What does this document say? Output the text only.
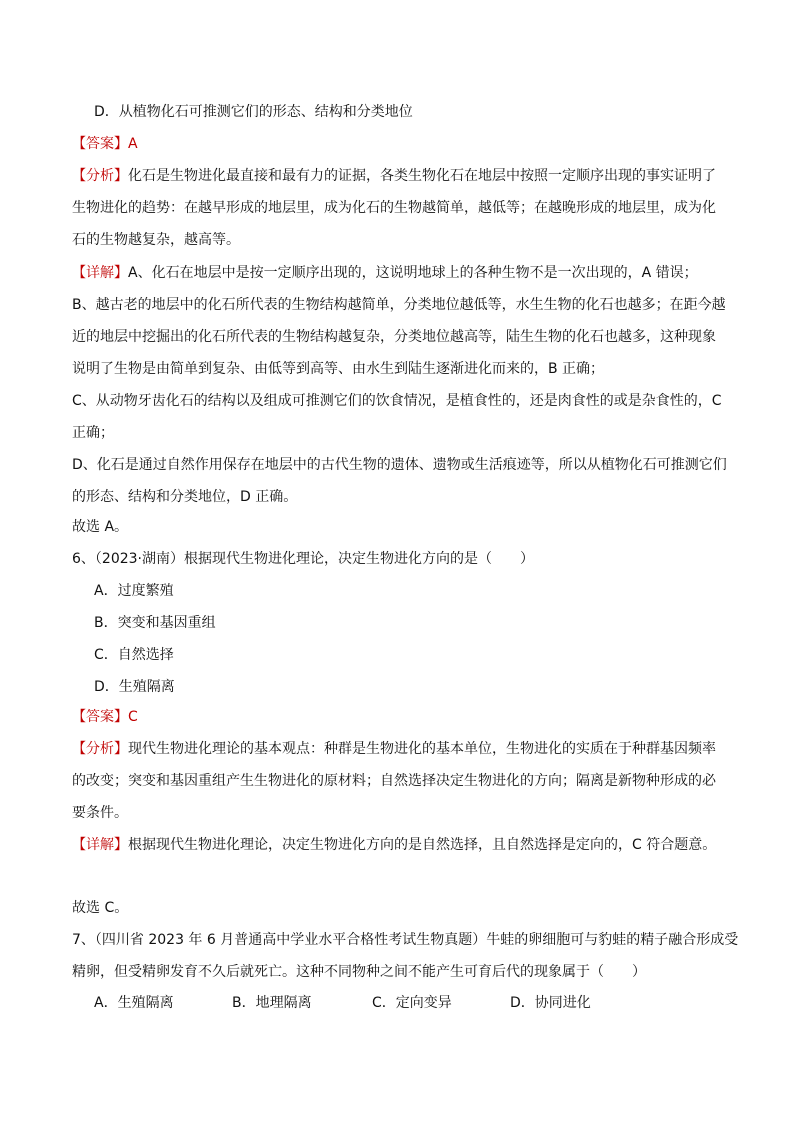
D．从植物化石可推测它们的形态、结构和分类地位
【答案】A
【分析】化石是生物进化最直接和最有力的证据，各类生物化石在地层中按照一定顺序出现的事实证明了
生物进化的趋势：在越早形成的地层里，成为化石的生物越简单，越低等；在越晚形成的地层里，成为化
石的生物越复杂，越高等。
【详解】A、化石在地层中是按一定顺序出现的，这说明地球上的各种生物不是一次出现的，A 错误；
B、越古老的地层中的化石所代表的生物结构越简单，分类地位越低等，水生生物的化石也越多；在距今越
近的地层中挖掘出的化石所代表的生物结构越复杂，分类地位越高等，陆生生物的化石也越多，这种现象
说明了生物是由简单到复杂、由低等到高等、由水生到陆生逐渐进化而来的，B 正确；
C、从动物牙齿化石的结构以及组成可推测它们的饮食情况，是植食性的，还是肉食性的或是杂食性的，C
正确；
D、化石是通过自然作用保存在地层中的古代生物的遗体、遗物或生活痕迹等，所以从植物化石可推测它们
的形态、结构和分类地位，D 正确。
故选 A。
6、（2023·湖南）根据现代生物进化理论，决定生物进化方向的是（　　）
A．过度繁殖
B．突变和基因重组
C．自然选择
D．生殖隔离
【答案】C
【分析】现代生物进化理论的基本观点：种群是生物进化的基本单位，生物进化的实质在于种群基因频率
的改变；突变和基因重组产生生物进化的原材料；自然选择决定生物进化的方向；隔离是新物种形成的必
要条件。
【详解】根据现代生物进化理论，决定生物进化方向的是自然选择，且自然选择是定向的，C 符合题意。
故选 C。
7、（四川省 2023 年 6 月普通高中学业水平合格性考试生物真题）牛蛙的卵细胞可与豹蛙的精子融合形成受
精卵，但受精卵发育不久后就死亡。这种不同物种之间不能产生可育后代的现象属于（　　）
A．生殖隔离	B．地理隔离	C．定向变异	D．协同进化
